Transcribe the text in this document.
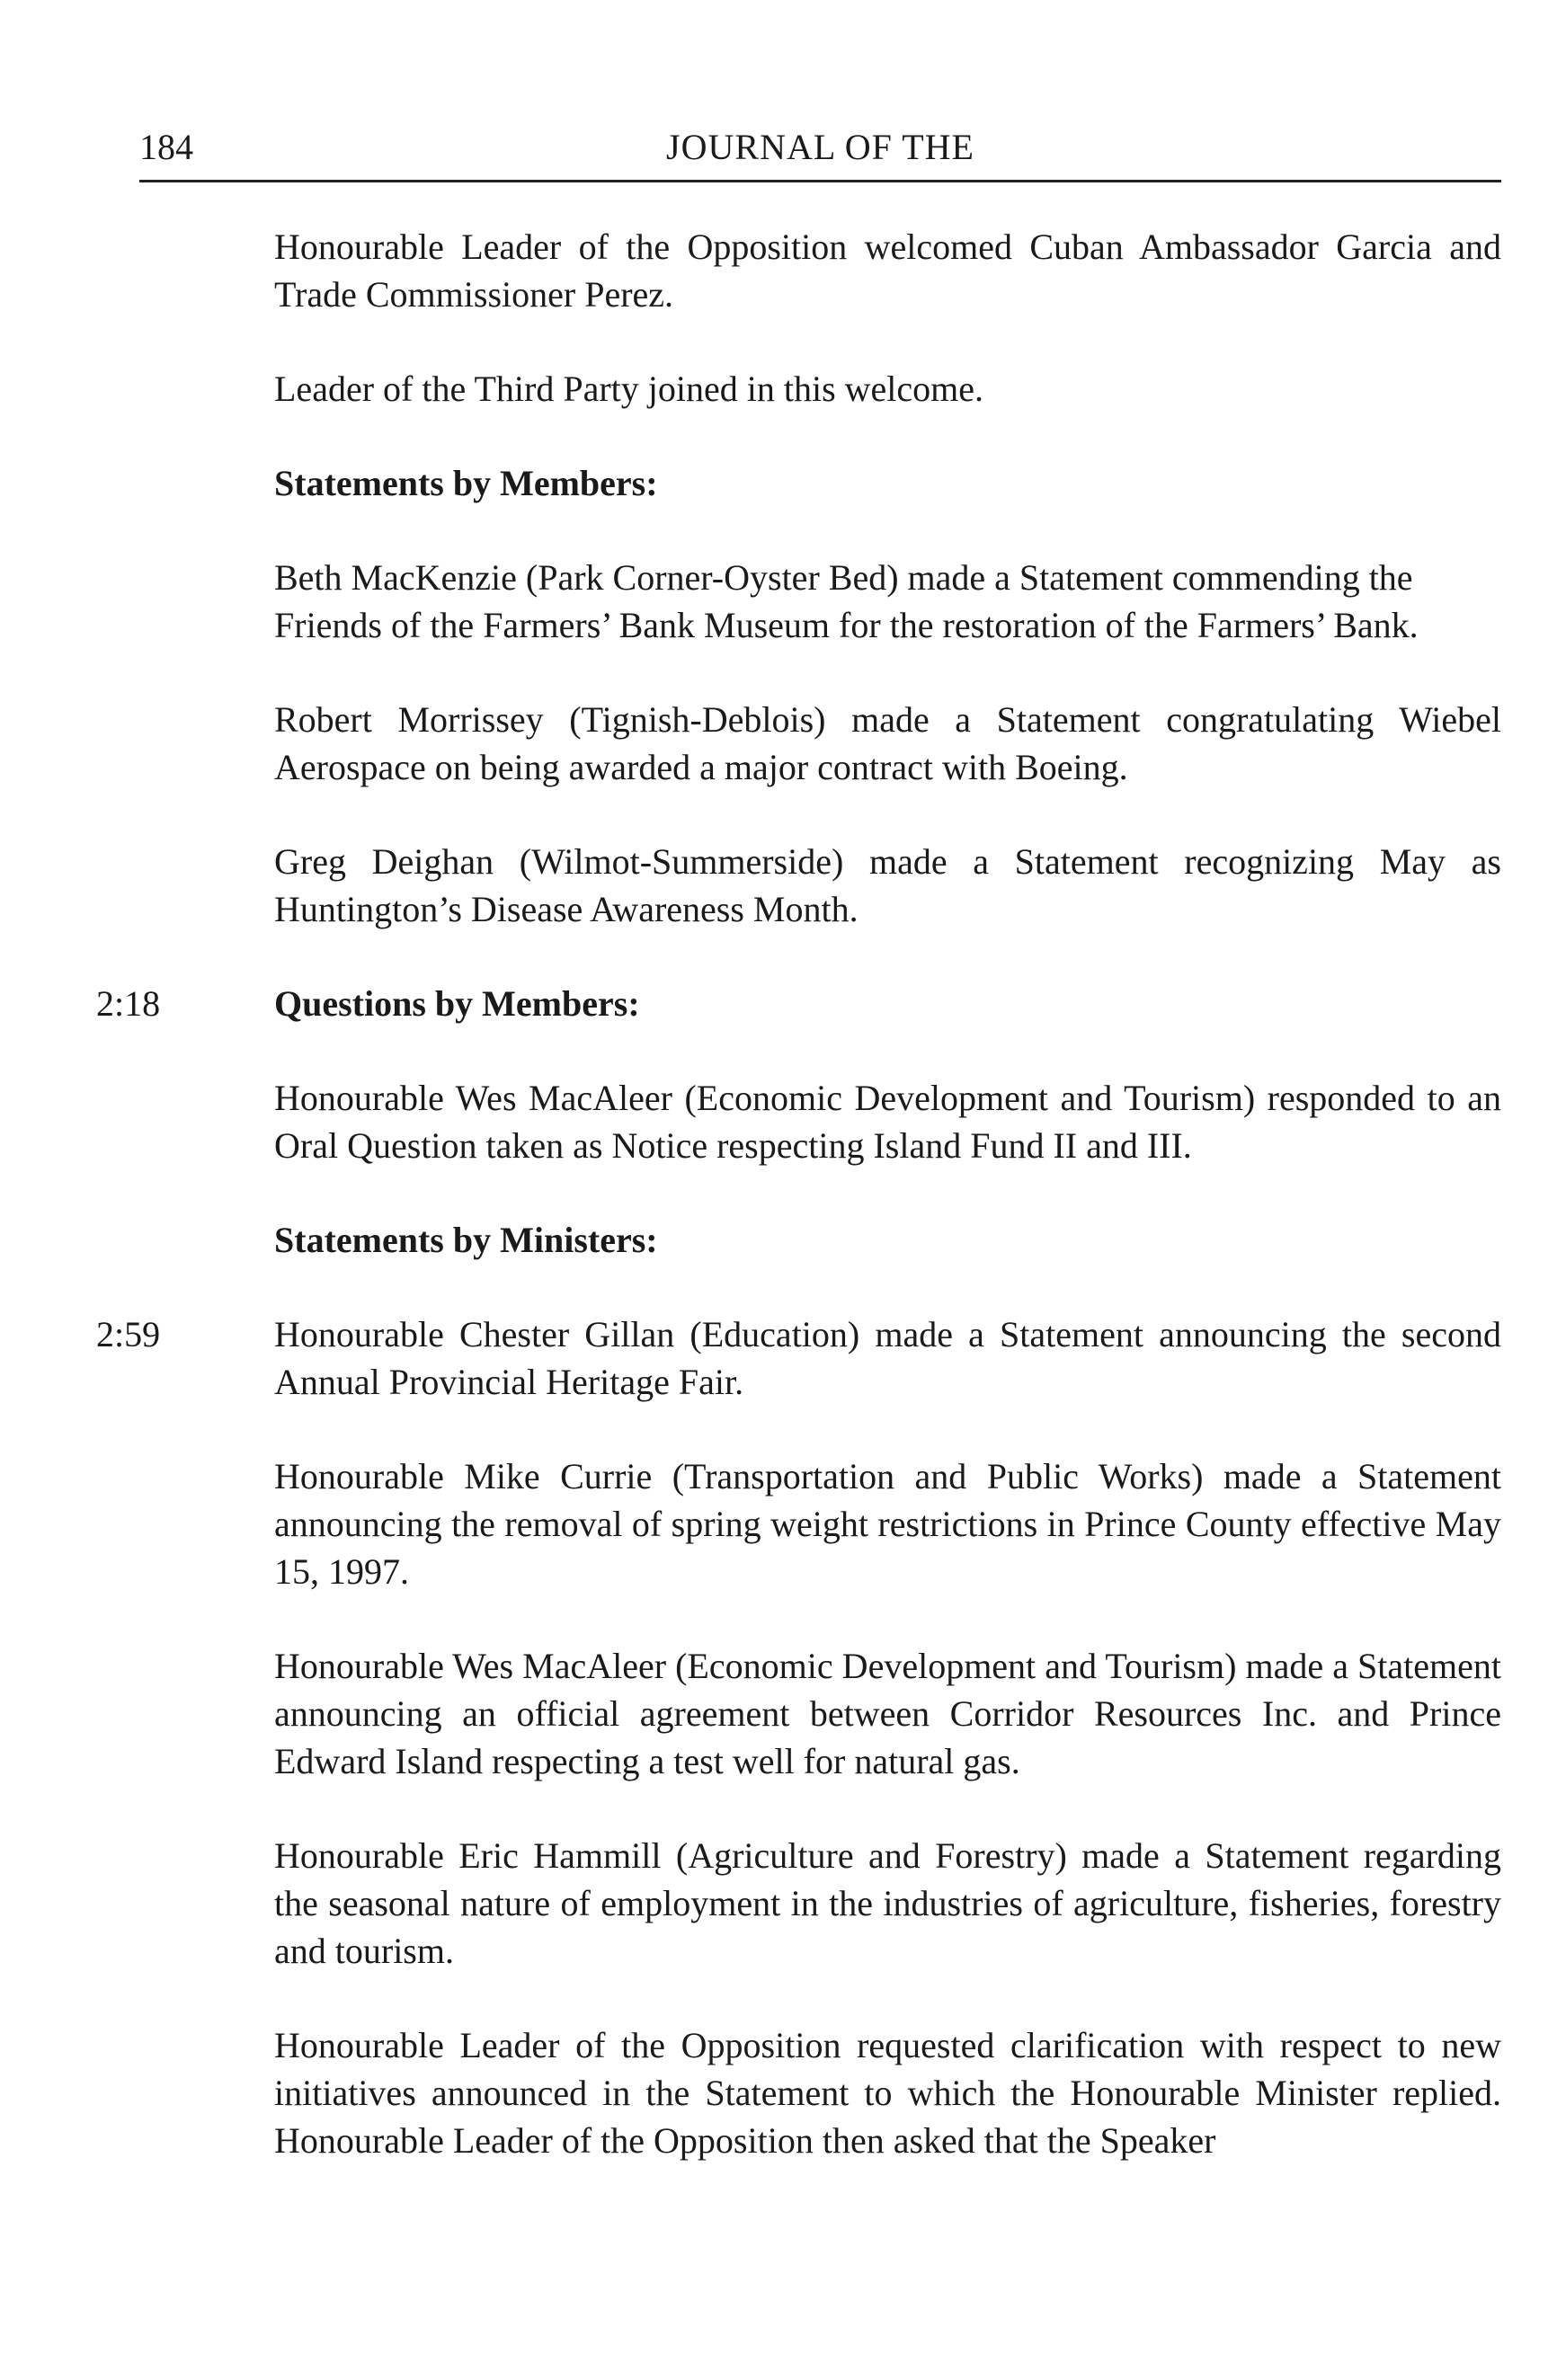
184	JOURNAL OF THE

Honourable Leader of the Opposition welcomed Cuban Ambassador Garcia and Trade Commissioner Perez.

Leader of the Third Party joined in this welcome.

Statements by Members:

Beth MacKenzie (Park Corner-Oyster Bed) made a Statement commending the Friends of the Farmers’ Bank Museum for the restoration of the Farmers’ Bank.

Robert Morrissey (Tignish-Deblois) made a Statement congratulating Wiebel Aerospace on being awarded a major contract with Boeing.

Greg Deighan (Wilmot-Summerside) made a Statement recognizing May as Huntington’s Disease Awareness Month.

2:18	Questions by Members:

Honourable Wes MacAleer (Economic Development and Tourism) responded to an Oral Question taken as Notice respecting Island Fund II and III.

Statements by Ministers:

2:59	Honourable Chester Gillan (Education) made a Statement announcing the second Annual Provincial Heritage Fair.

Honourable Mike Currie (Transportation and Public Works) made a Statement announcing the removal of spring weight restrictions in Prince County effective May 15, 1997.

Honourable Wes MacAleer (Economic Development and Tourism) made a Statement announcing an official agreement between Corridor Resources Inc. and Prince Edward Island respecting a test well for natural gas.

Honourable Eric Hammill (Agriculture and Forestry) made a Statement regarding the seasonal nature of employment in the industries of agriculture, fisheries, forestry and tourism.

Honourable Leader of the Opposition requested clarification with respect to new initiatives announced in the Statement to which the Honourable Minister replied. Honourable Leader of the Opposition then asked that the Speaker
